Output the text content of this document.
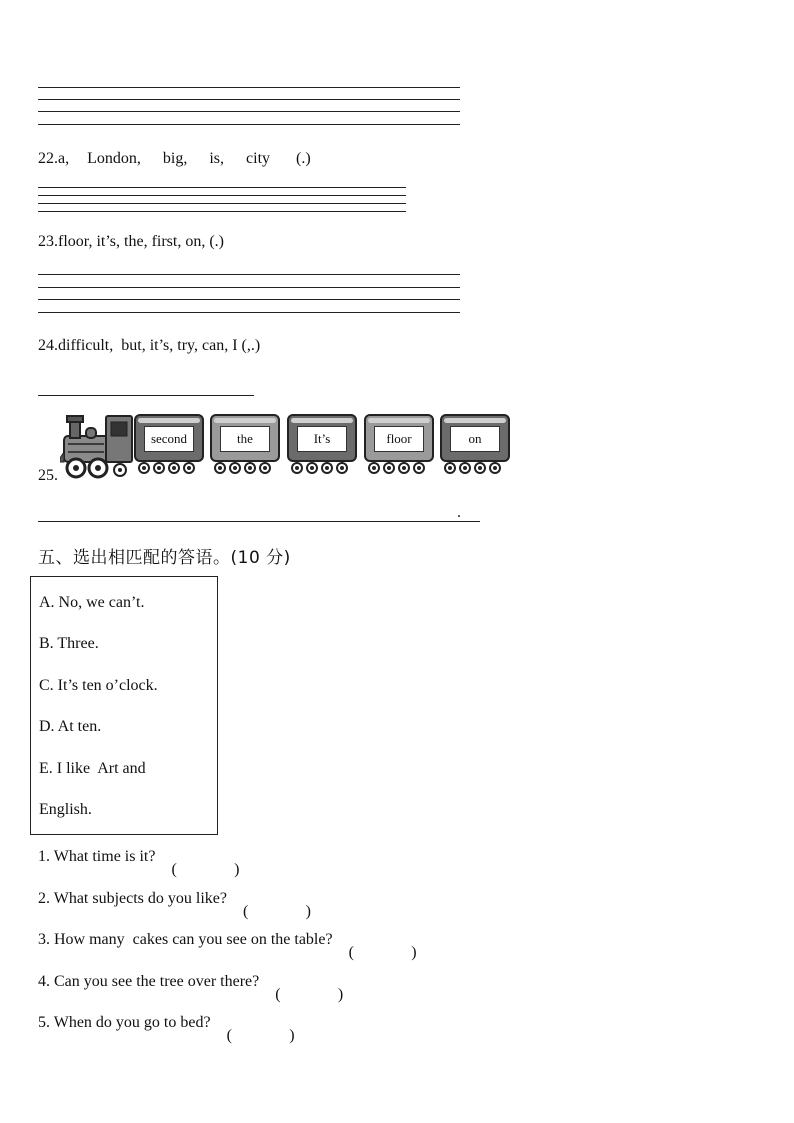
22.a, London, big, is, city (.)
23.floor, it’s, the, first, on, (.)
24.difficult,  but, it’s, try, can, I (,.)
second	the	It’s	floor	on
25.
.
五、选出相匹配的答语。(10 分)
A. No, we can’t.
B. Three.
C. It’s ten o’clock.
D. At ten.
E. I like  Art and
English.
1. What time is it?
2. What subjects do you like?
3. How many  cakes can you see on the table?
4. Can you see the tree over there?
5. When do you go to bed?
